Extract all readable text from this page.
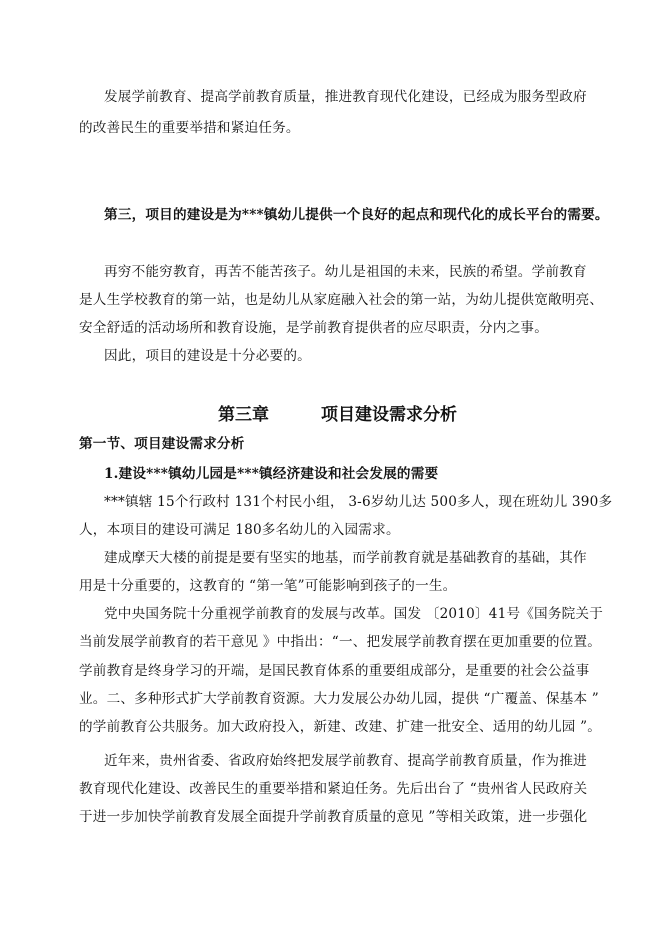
发展学前教育、提高学前教育质量，推进教育现代化建设，已经成为服务型政府
的改善民生的重要举措和紧迫任务。
第三，项目的建设是为***镇幼儿提供一个良好的起点和现代化的成长平台的需要。
再穷不能穷教育，再苦不能苦孩子。幼儿是祖国的未来，民族的希望。学前教育
是人生学校教育的第一站，也是幼儿从家庭融入社会的第一站，为幼儿提供宽敞明亮、
安全舒适的活动场所和教育设施，是学前教育提供者的应尽职责，分内之事。
因此，项目的建设是十分必要的。
第三章	项目建设需求分析
第一节、项目建设需求分析
1.建设***镇幼儿园是***镇经济建设和社会发展的需要
***镇辖 15个行政村 131个村民小组， 3-6岁幼儿达 500多人，现在班幼儿 390多
人，本项目的建设可满足 180多名幼儿的入园需求。
建成摩天大楼的前提是要有坚实的地基，而学前教育就是基础教育的基础，其作
用是十分重要的，这教育的 “第一笔”可能影响到孩子的一生。
党中央国务院十分重视学前教育的发展与改革。国发 〔2010〕41号《国务院关于
当前发展学前教育的若干意见 》中指出：“一、把发展学前教育摆在更加重要的位置。
学前教育是终身学习的开端，是国民教育体系的重要组成部分，是重要的社会公益事
业。二、多种形式扩大学前教育资源。大力发展公办幼儿园，提供 “广覆盖、保基本 ”
的学前教育公共服务。加大政府投入，新建、改建、扩建一批安全、适用的幼儿园 ”。
近年来，贵州省委、省政府始终把发展学前教育、提高学前教育质量，作为推进
教育现代化建设、改善民生的重要举措和紧迫任务。先后出台了 “贵州省人民政府关
于进一步加快学前教育发展全面提升学前教育质量的意见 ”等相关政策，进一步强化
